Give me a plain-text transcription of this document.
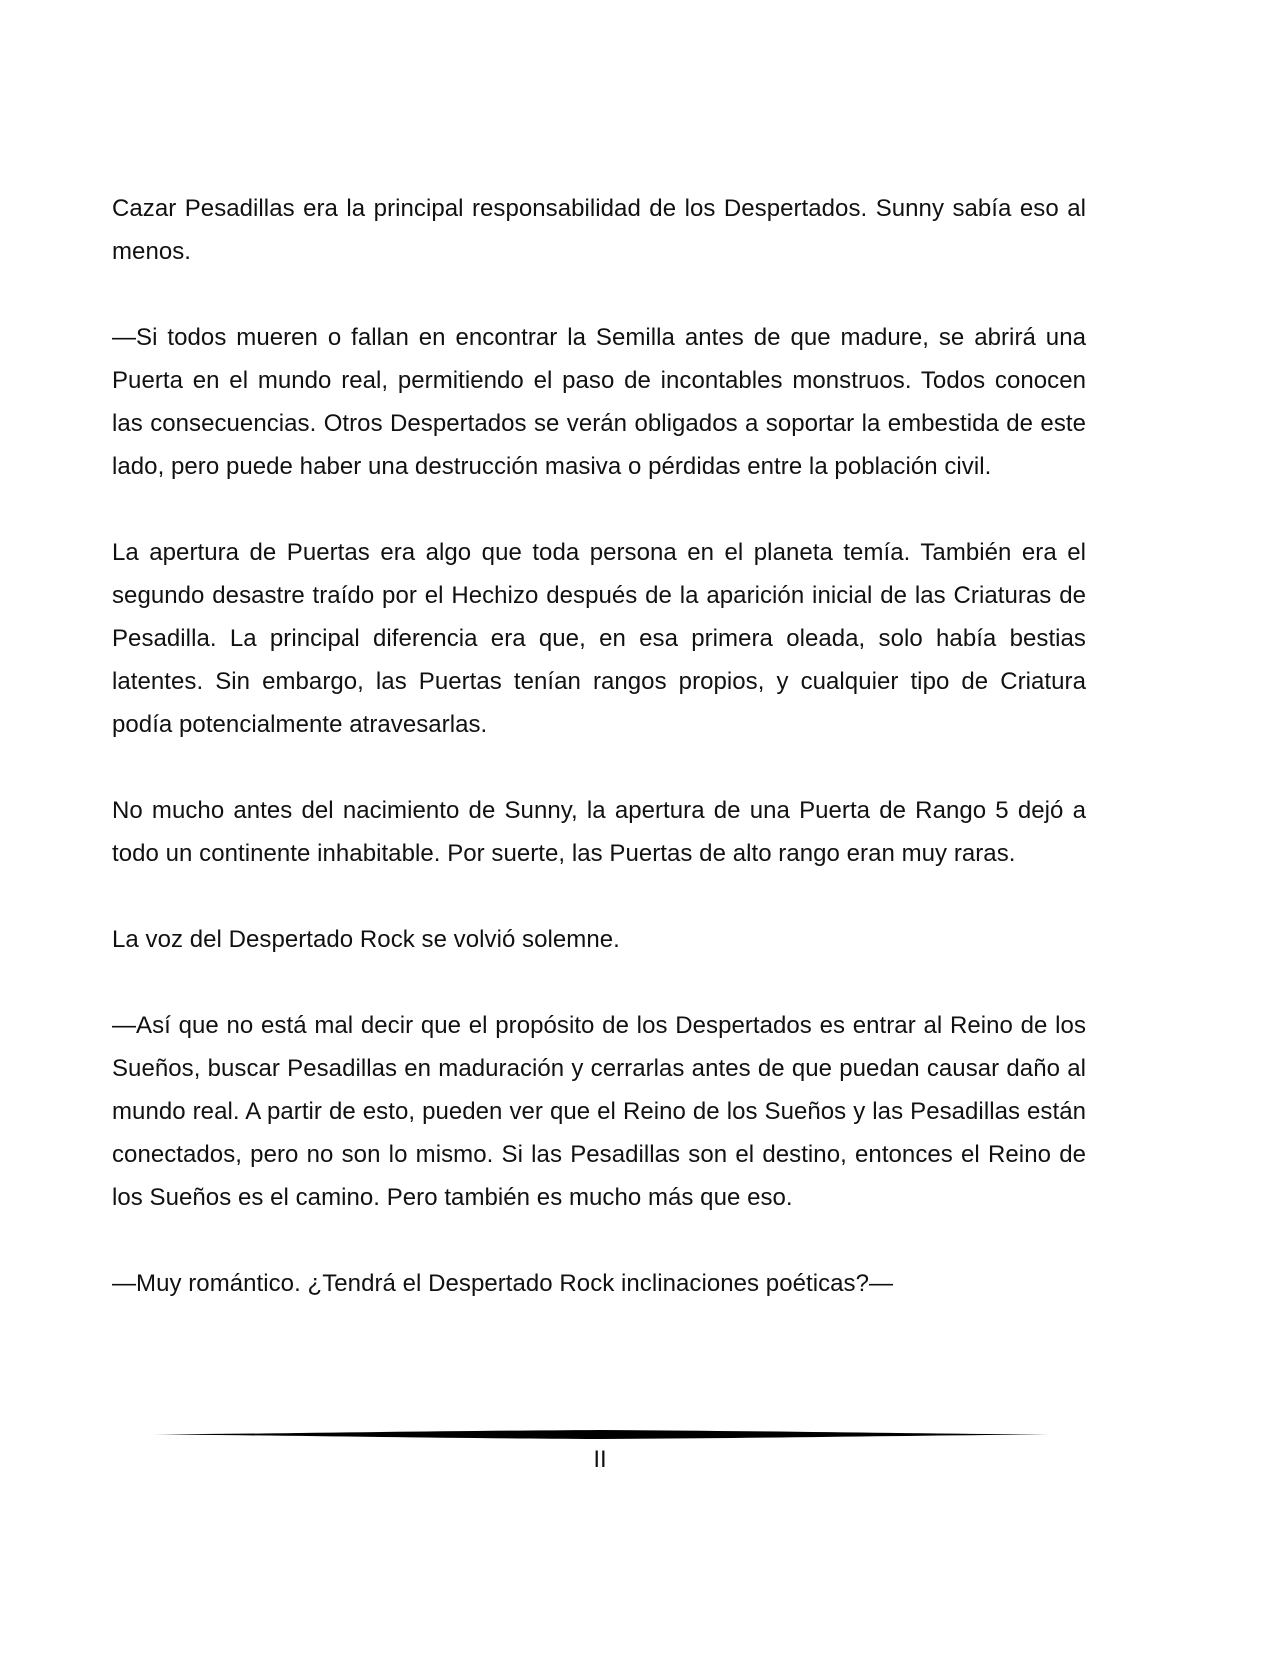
Cazar Pesadillas era la principal responsabilidad de los Despertados. Sunny sabía eso al menos.

—Si todos mueren o fallan en encontrar la Semilla antes de que madure, se abrirá una Puerta en el mundo real, permitiendo el paso de incontables monstruos. Todos conocen las consecuencias. Otros Despertados se verán obligados a soportar la embestida de este lado, pero puede haber una destrucción masiva o pérdidas entre la población civil.

La apertura de Puertas era algo que toda persona en el planeta temía. También era el segundo desastre traído por el Hechizo después de la aparición inicial de las Criaturas de Pesadilla. La principal diferencia era que, en esa primera oleada, solo había bestias latentes. Sin embargo, las Puertas tenían rangos propios, y cualquier tipo de Criatura podía potencialmente atravesarlas.

No mucho antes del nacimiento de Sunny, la apertura de una Puerta de Rango 5 dejó a todo un continente inhabitable. Por suerte, las Puertas de alto rango eran muy raras.

La voz del Despertado Rock se volvió solemne.

—Así que no está mal decir que el propósito de los Despertados es entrar al Reino de los Sueños, buscar Pesadillas en maduración y cerrarlas antes de que puedan causar daño al mundo real. A partir de esto, pueden ver que el Reino de los Sueños y las Pesadillas están conectados, pero no son lo mismo. Si las Pesadillas son el destino, entonces el Reino de los Sueños es el camino. Pero también es mucho más que eso.

—Muy romántico. ¿Tendrá el Despertado Rock inclinaciones poéticas?—

II
